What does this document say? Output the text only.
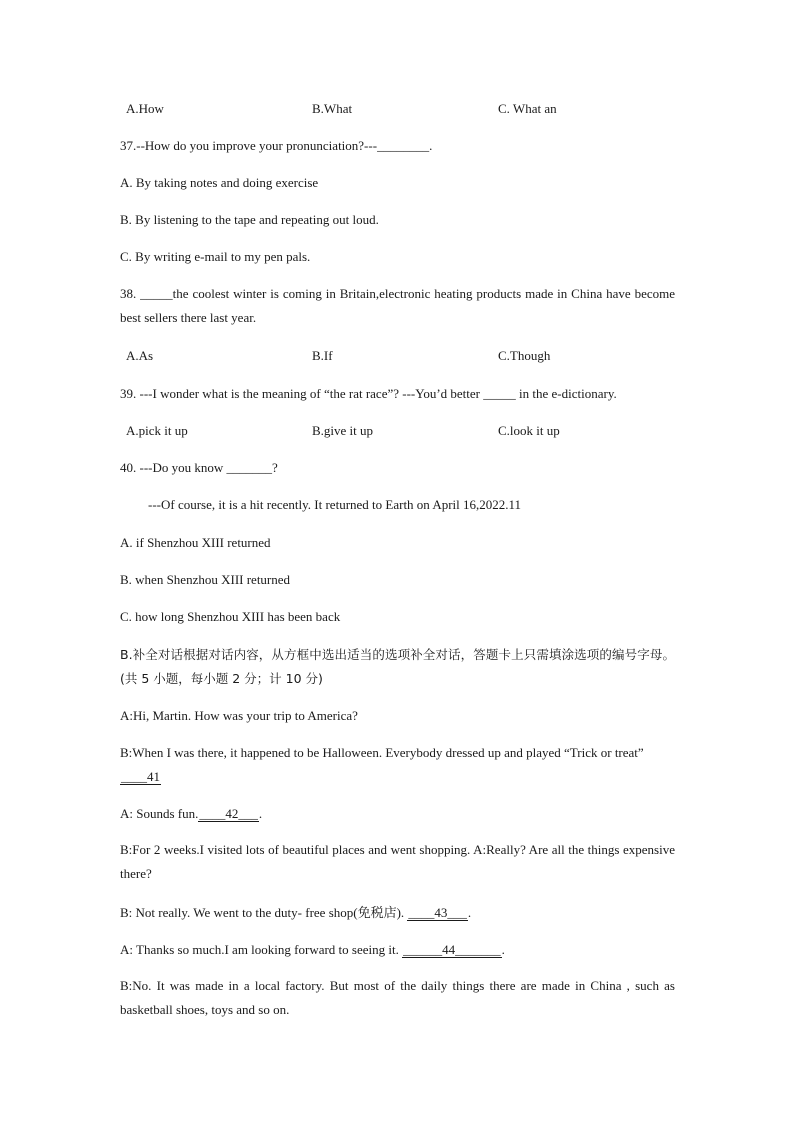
A.How	B.What	C. What an
37.--How do you improve your pronunciation?---________.
A. By taking notes and doing exercise
B. By listening to the tape and repeating out loud.
C. By writing e-mail to my pen pals.
38. _____the coolest winter is coming in Britain,electronic heating products made in China have become best sellers there last year.
A.As	B.If	C.Though
39. ---I wonder what is the meaning of “the rat race”? ---You’d better _____ in the e-dictionary.
A.pick it up	B.give it up	C.look it up
40. ---Do you know _______?
---Of course, it is a hit recently. It returned to Earth on April 16,2022.11
A. if Shenzhou XIII returned
B. when Shenzhou XIII returned
C. how long Shenzhou XIII has been back
B.补全对话根据对话内容，从方框中选出适当的选项补全对话，答题卡上只需填涂选项的编号字母。(共 5 小题，每小题 2 分；计 10 分)
A:Hi, Martin. How was your trip to America?
B:When I was there, it happened to be Halloween. Everybody dressed up and played “Trick or treat”
____41
A: Sounds fun.____42___.
B:For 2 weeks.I visited lots of beautiful places and went shopping. A:Really? Are all the things expensive there?
B: Not really. We went to the duty- free shop(免税店). ____43___.
A: Thanks so much.I am looking forward to seeing it. ______44_______.
B:No. It was made in a local factory. But most of the daily things there are made in China , such as basketball shoes, toys and so on.
